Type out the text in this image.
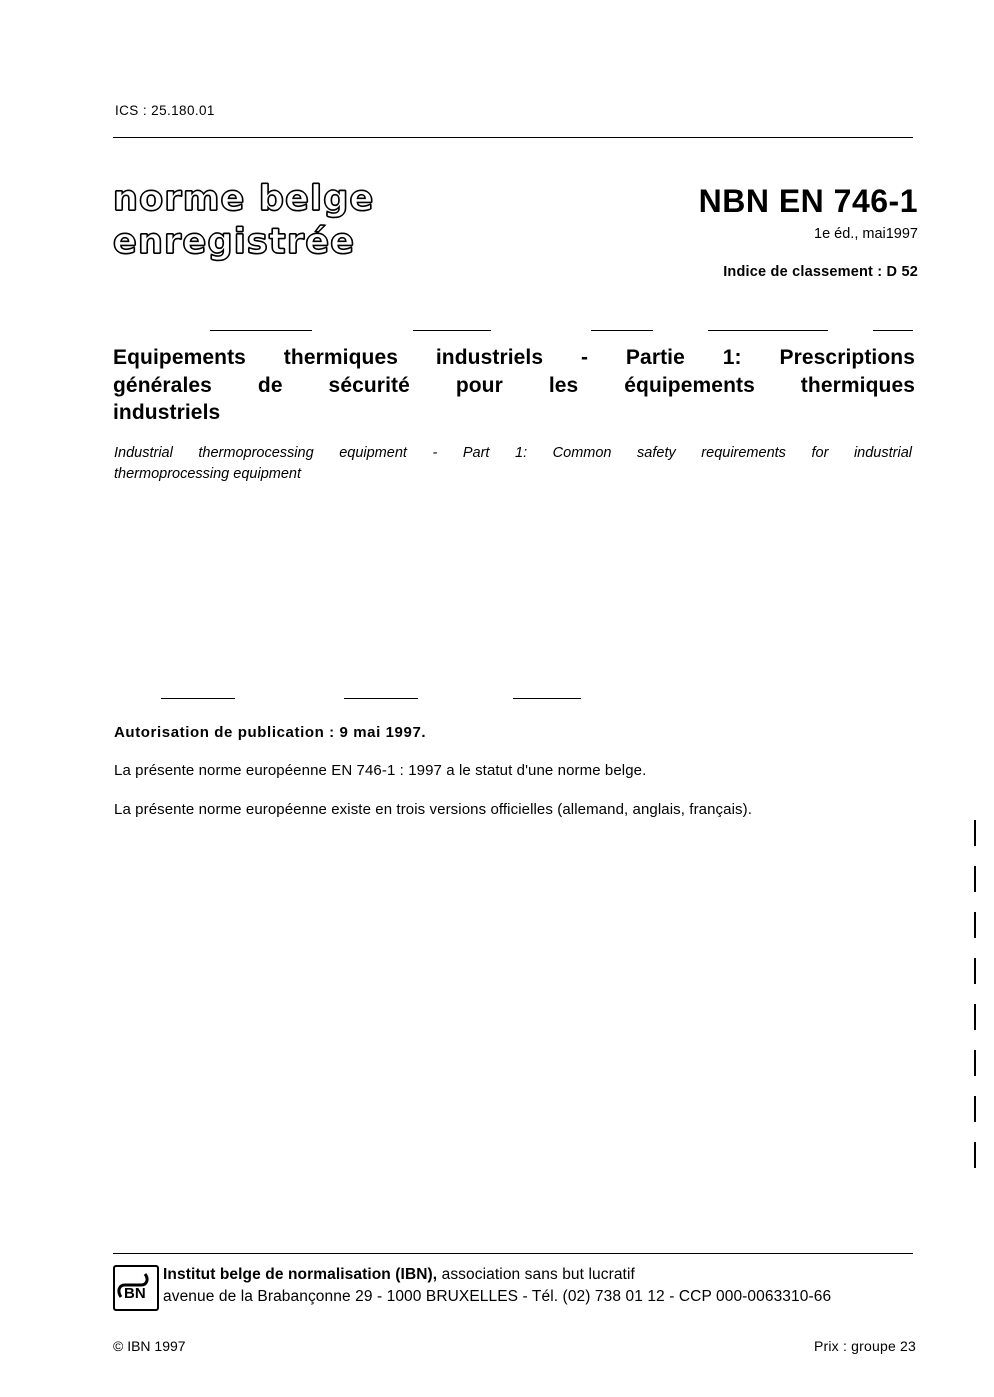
ICS : 25.180.01
norme belge
enregistrée
NBN EN 746-1
1e éd., mai1997
Indice de classement : D 52
Equipements thermiques industriels - Partie 1: Prescriptions
générales de sécurité pour les équipements thermiques
industriels
Industrial thermoprocessing equipment - Part 1: Common safety requirements for industrial
thermoprocessing equipment
Autorisation de publication : 9 mai 1997.
La présente norme européenne EN 746-1 : 1997 a le statut d'une norme belge.
La présente norme européenne existe en trois versions officielles (allemand, anglais, français).
BN
Institut belge de normalisation (IBN), association sans but lucratif
avenue de la Brabançonne 29 - 1000 BRUXELLES - Tél. (02) 738 01 12 - CCP 000-0063310-66
© IBN 1997	Prix : groupe 23
